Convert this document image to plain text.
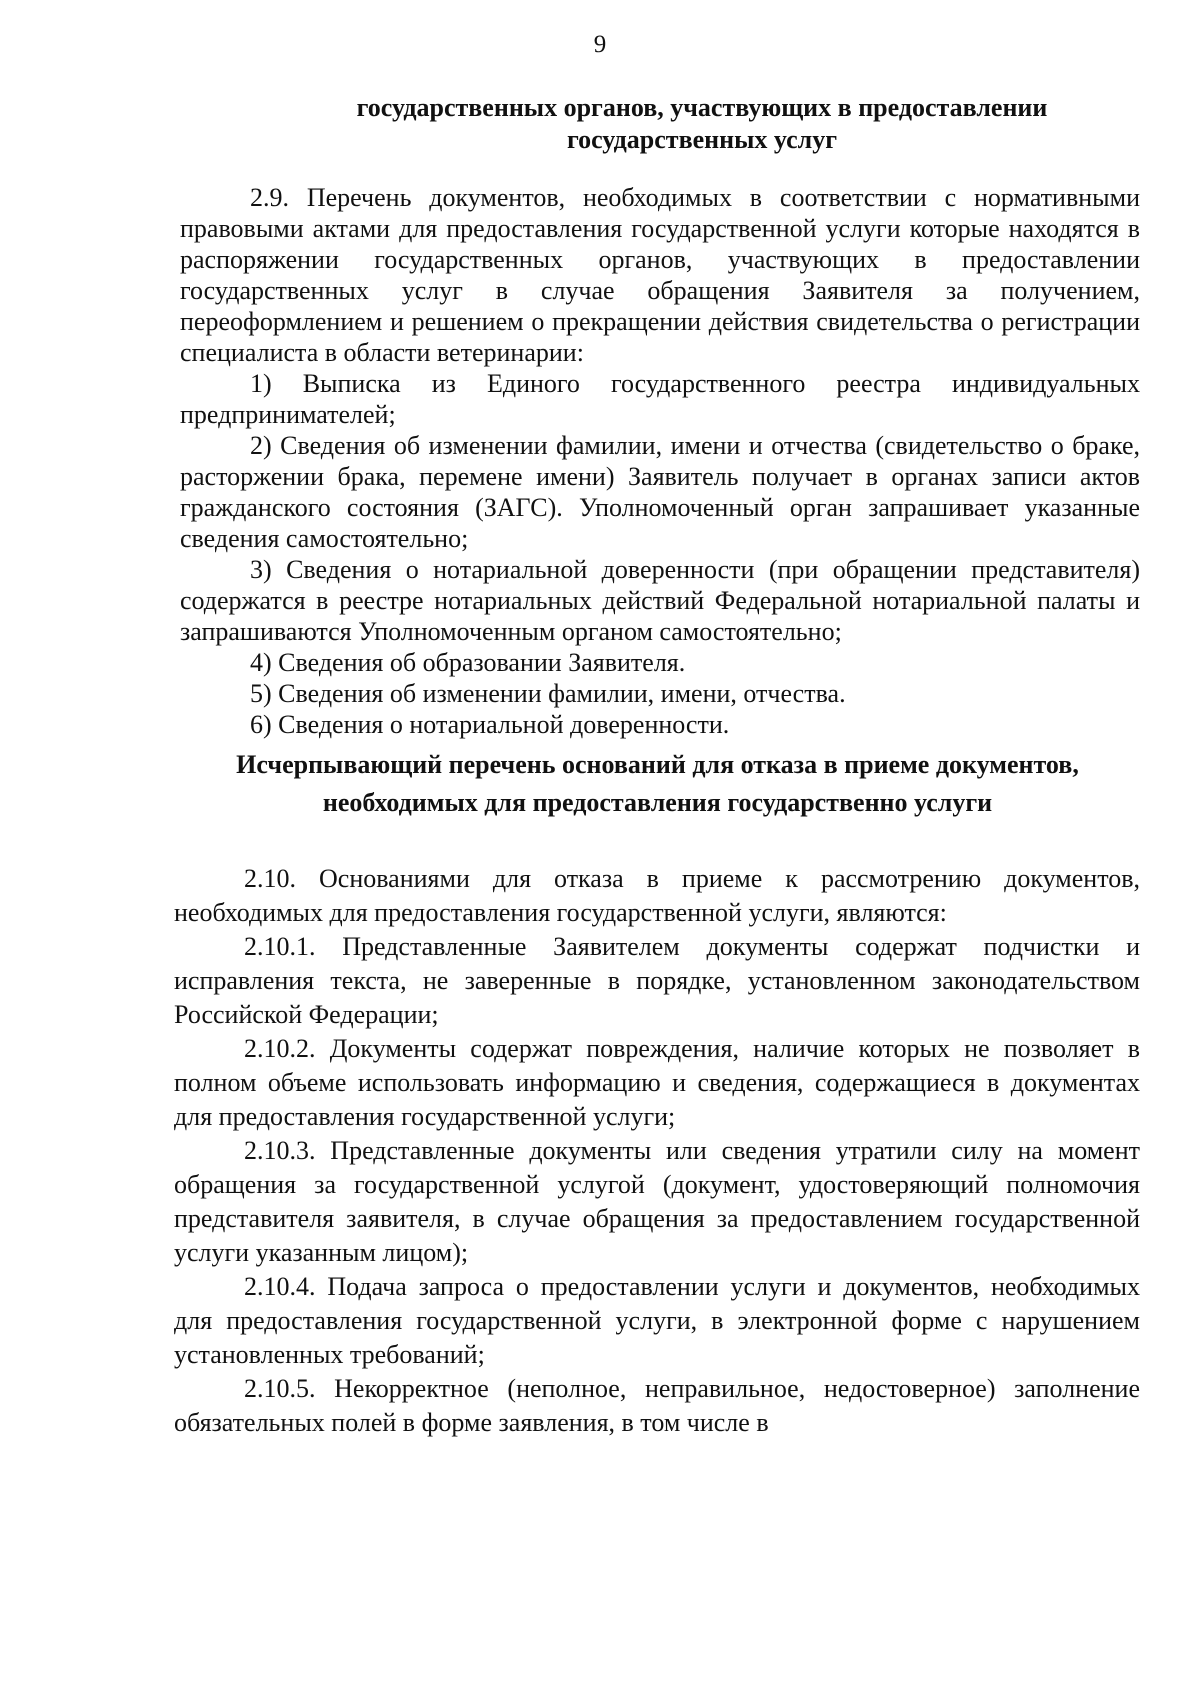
9
государственных органов, участвующих в предоставлении
государственных услуг

2.9. Перечень документов, необходимых в соответствии с нормативными правовыми актами для предоставления государственной услуги которые находятся в распоряжении государственных органов, участвующих в предоставлении государственных услуг в случае обращения Заявителя за получением, переоформлением и решением о прекращении действия свидетельства о регистрации специалиста в области ветеринарии:

1) Выписка из Единого государственного реестра индивидуальных предпринимателей;

2) Сведения об изменении фамилии, имени и отчества (свидетельство о браке, расторжении брака, перемене имени) Заявитель получает в органах записи актов гражданского состояния (ЗАГС). Уполномоченный орган запрашивает указанные сведения самостоятельно;

3) Сведения о нотариальной доверенности (при обращении представителя) содержатся в реестре нотариальных действий Федеральной нотариальной палаты и запрашиваются Уполномоченным органом самостоятельно;

4) Сведения об образовании Заявителя.

5) Сведения об изменении фамилии, имени, отчества.

6) Сведения о нотариальной доверенности.

Исчерпывающий перечень оснований для отказа в приеме документов,
необходимых для предоставления государственно услуги

2.10. Основаниями для отказа в приеме к рассмотрению документов, необходимых для предоставления государственной услуги, являются:

2.10.1. Представленные Заявителем документы содержат подчистки и исправления текста, не заверенные в порядке, установленном законодательством Российской Федерации;

2.10.2. Документы содержат повреждения, наличие которых не позволяет в полном объеме использовать информацию и сведения, содержащиеся в документах для предоставления государственной услуги;

2.10.3. Представленные документы или сведения утратили силу на момент обращения за государственной услугой (документ, удостоверяющий полномочия представителя заявителя, в случае обращения за предоставлением государственной услуги указанным лицом);

2.10.4. Подача запроса о предоставлении услуги и документов, необходимых для предоставления государственной услуги, в электронной форме с нарушением установленных требований;

2.10.5. Некорректное (неполное, неправильное, недостоверное) заполнение обязательных полей в форме заявления, в том числе в
